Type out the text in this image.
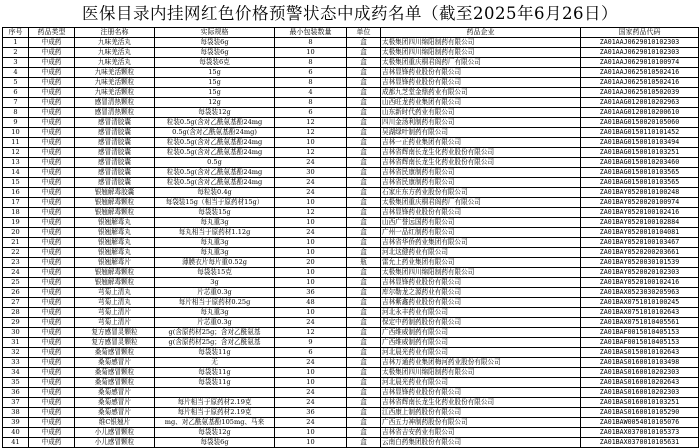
医保目录内挂网红色价格预警状态中成药名单（截至2025年6月26日）
序号	药品类型	注册名称	实际规格	最小包装数量	单位	药品企业	国家药品代码
1	中成药	九味羌活丸	每袋装6g	8	盒	太极集团四川绵阳制药有限公司	ZA01AAJ0629010102303
2	中成药	九味羌活丸	每袋装6g	10	盒	太极集团四川绵阳制药有限公司	ZA01AAJ0629010102303
3	中成药	九味羌活丸	每袋装6克	8	盒	太极集团重庆桐君阁药厂有限公司	ZA01AAJ0629010100974
4	中成药	九味羌活颗粒	15g	6	盒	吉林显锋药业股份有限公司	ZA01AAJ0625010502416
5	中成药	九味羌活颗粒	15g	8	盒	吉林显锋药业股份有限公司	ZA01AAJ0625010502416
6	中成药	九味羌活颗粒	15g	4	盒	成都九芝堂金鼎药业有限公司	ZA01AAJ0625010502039
7	中成药	感冒清热颗粒	12g	8	盒	山西旺龙药业集团有限公司	ZA01AAG0120010202963
8	中成药	感冒清热颗粒	每袋装12g	6	盒	山东新时代药业有限公司	ZA01AAG0120010200610
9	中成药	感冒清胶囊	粒装0.5g(含对乙酰氨基酚24mg	12	盒	四川金汤利制药有限公司	ZA01BAG0150020105060
10	中成药	感冒清胶囊	0.5g(含对乙酰氨基酚24mg)	12	盒	吴湖绿叶制药有限公司	ZA01BAG0150110101452
11	中成药	感冒清胶囊	粒装0.5g(含对乙酰氨基酚24mg	10	盒	吉林一正药业集团有限公司	ZA01BAG0150010103494
12	中成药	感冒清胶囊	粒装0.5g(含对乙酰氨基酚24mg	12	盒	吉林省辉南长龙生化药业股份有限公司	ZA01BAG0150010103251
13	中成药	感冒清胶囊	0.5g	24	盒	吉林省辉南长龙生化药业股份有限公司	ZA01BAG0150010203460
14	中成药	感冒清胶囊	粒装0.5g(含对乙酰氨基酚24mg	30	盒	吉林省民康制药有限公司	ZA01BAG0150010103565
15	中成药	感冒清胶囊	粒装0.5g(含对乙酰氨基酚24mg	24	盒	吉林省民康制药有限公司	ZA01BAG0150010103565
16	中成药	银翘解毒胶囊	每粒装0.4g	24	盒	石家庄东方药业股份有限公司	ZA01BAY0520010100248
17	中成药	银翘解毒颗粒	每袋装15g（相当于原药材15g）	10	盒	太极集团重庆桐君阁药厂有限公司	ZA01BAY0520020100974
18	中成药	银翘解毒颗粒	每袋装15g	12	盒	吉林显锋药业股份有限公司	ZA01BAY0520100102416
19	中成药	银翘解毒丸	每丸重3g	10	盒	山西广誉远国药有限公司	ZA01BAY0520100102884
20	中成药	银翘解毒丸	每丸相当于原药材1.12g	24	盒	广州一品红制药有限公司	ZA01BAY0520010104081
21	中成药	银翘解毒丸	每丸重3g	10	盒	吉林省华侨药业集团有限公司	ZA01BAY0520100103467
22	中成药	银翘解毒丸	每丸重3g	10	盒	河北这健药业有限公司	ZA01BAY0520200203661
23	中成药	银翘解毒片	薄膜衣片每片重0.52g	20	瓶	雷允上药业集团有限公司	ZA01BAY0520030101539
24	中成药	银翘解毒颗粒	每袋装15克	10	盒	太极集团四川绵阳制药有限公司	ZA01BAY0520020102303
25	中成药	银翘解毒颗粒	3g	10	盒	吉林显锋药业股份有限公司	ZA01BAY0520100102416
26	中成药	芎菊上清丸	片芯重0.3g	36	盒	库尔勒龙之源药业有限公司	ZA01BAX0523030205963
27	中成药	芎菊上清丸	每片相当于原药材0.25g	48	盒	吉林紫鑫药业股份有限公司	ZA01BAX0751010100245
28	中成药	芎菊上清片	每丸重3g	10	盒	河北永丰药业有限公司	ZA01BAX0751010102643
29	中成药	芎菊上清片	片芯重0.3g	24	盒	保定中药制药股份有限公司	ZA01BAX0751010405561
30	中成药	复方感冒灵颗粒	g(含原药材25g；含对乙酰氨基	12	盒	广西维威制药有限公司	ZA01BAF0015010405153
31	中成药	复方感冒灵颗粒	g(含原药材25g；含对乙酰氨基	9	盒	广西维威制药有限公司	ZA01BAF0015010405153
32	中成药	桑菊感冒颗粒	每袋装11g	6	盒	河北晨光药业有限公司	ZA01BAS0150010102643
33	中成药	桑菊感冒片	无	24	盒	吉林万通药业集团梅河药业股份有限公司	ZA01BAS0160010103498
34	中成药	桑菊感冒颗粒	每袋装11g	10	盒	太极集团四川绵阳制药有限公司	ZA01BAS0160010202303
35	中成药	桑菊感冒颗粒	每袋装11g	10	盒	河北晨光药业有限公司	ZA01BAS0160010202643
36	中成药	桑菊感冒片		24	盒	吉林显锋药业股份有限公司	ZA01BAS0160010202303
37	中成药	桑菊感冒片	每片相当于原药材2.19克	24	盒	吉林省辉南长龙生化药业股份有限公司	ZA01BAS0160010103251
38	中成药	桑菊感冒片	每片相当于原药材2.19克	36	盒	江西康上制药股份有限公司	ZA01BAS0160010105290
39	中成药	维C银翘片	mg、对乙酰氨基酚105mg、马来	24	盒	广西五力神制药股份有限公司	ZA01BAW0054010105076
40	中成药	小儿感冒颗粒	每袋装12g	10	盒	吉林省吉安药业有限公司	ZA01BAX0370010105373
41	中成药	小儿感冒颗粒	每袋装6g	10	盒	云南白药集团股份有限公司	ZA01BAX0370010105631
